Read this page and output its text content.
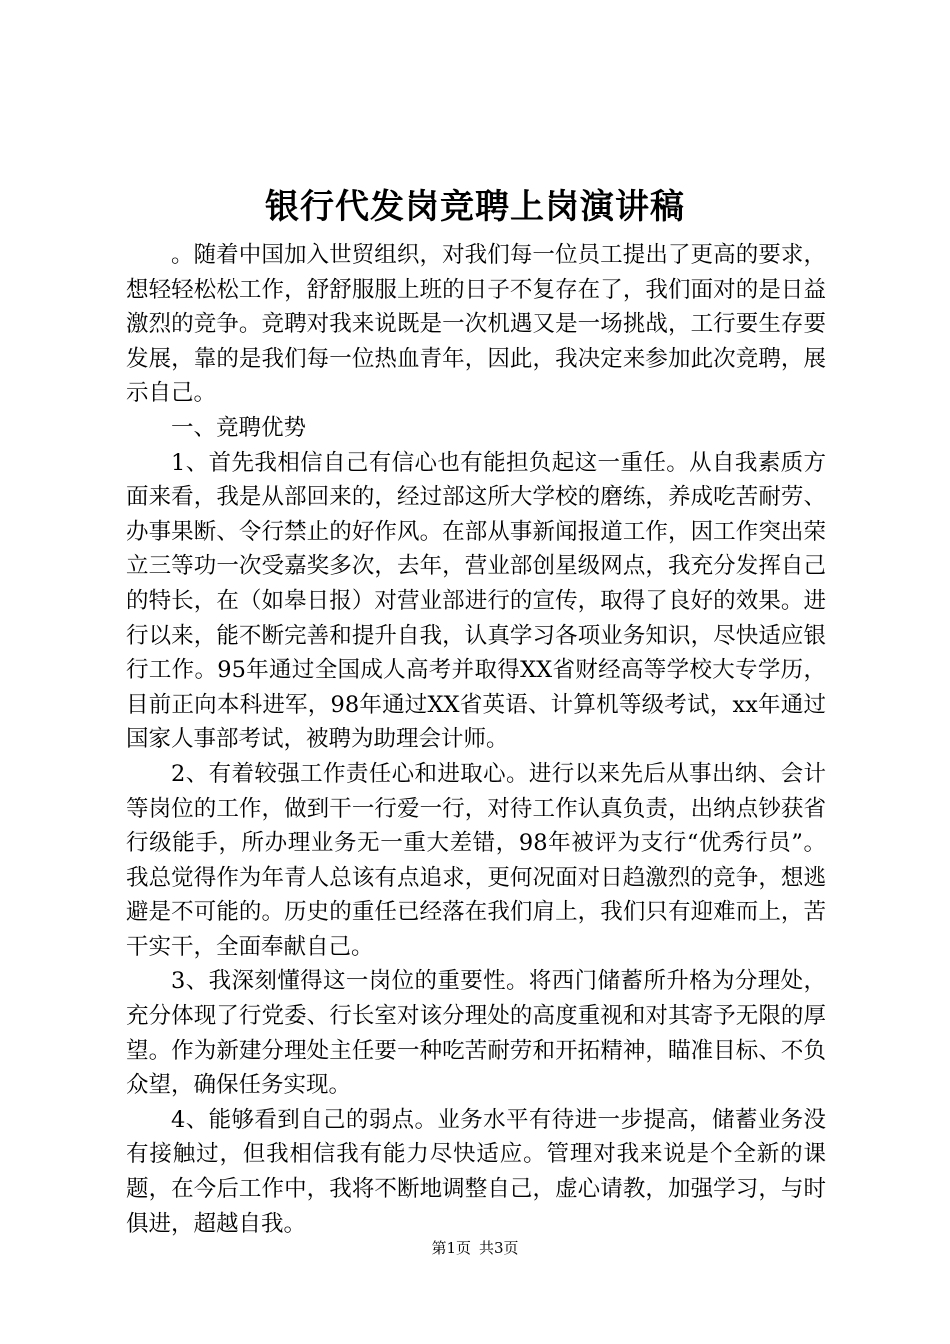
银行代发岗竞聘上岗演讲稿

。随着中国加入世贸组织，对我们每一位员工提出了更高的要求，想轻轻松松工作，舒舒服服上班的日子不复存在了，我们面对的是日益激烈的竞争。竞聘对我来说既是一次机遇又是一场挑战，工行要生存要发展，靠的是我们每一位热血青年，因此，我决定来参加此次竞聘，展示自己。

一、竞聘优势

1、首先我相信自己有信心也有能担负起这一重任。从自我素质方面来看，我是从部回来的，经过部这所大学校的磨练，养成吃苦耐劳、办事果断、令行禁止的好作风。在部从事新闻报道工作，因工作突出荣立三等功一次受嘉奖多次，去年，营业部创星级网点，我充分发挥自己的特长，在（如皋日报）对营业部进行的宣传，取得了良好的效果。进行以来，能不断完善和提升自我，认真学习各项业务知识，尽快适应银行工作。95年通过全国成人高考并取得XX省财经高等学校大专学历，目前正向本科进军，98年通过XX省英语、计算机等级考试，xx年通过国家人事部考试，被聘为助理会计师。

2、有着较强工作责任心和进取心。进行以来先后从事出纳、会计等岗位的工作，做到干一行爱一行，对待工作认真负责，出纳点钞获省行级能手，所办理业务无一重大差错，98年被评为支行“优秀行员”。我总觉得作为年青人总该有点追求，更何况面对日趋激烈的竞争，想逃避是不可能的。历史的重任已经落在我们肩上，我们只有迎难而上，苦干实干，全面奉献自己。

3、我深刻懂得这一岗位的重要性。将西门储蓄所升格为分理处，充分体现了行党委、行长室对该分理处的高度重视和对其寄予无限的厚望。作为新建分理处主任要一种吃苦耐劳和开拓精神，瞄准目标、不负众望，确保任务实现。

4、能够看到自己的弱点。业务水平有待进一步提高，储蓄业务没有接触过，但我相信我有能力尽快适应。管理对我来说是个全新的课题，在今后工作中，我将不断地调整自己，虚心请教，加强学习，与时俱进，超越自我。

第1页 共3页
